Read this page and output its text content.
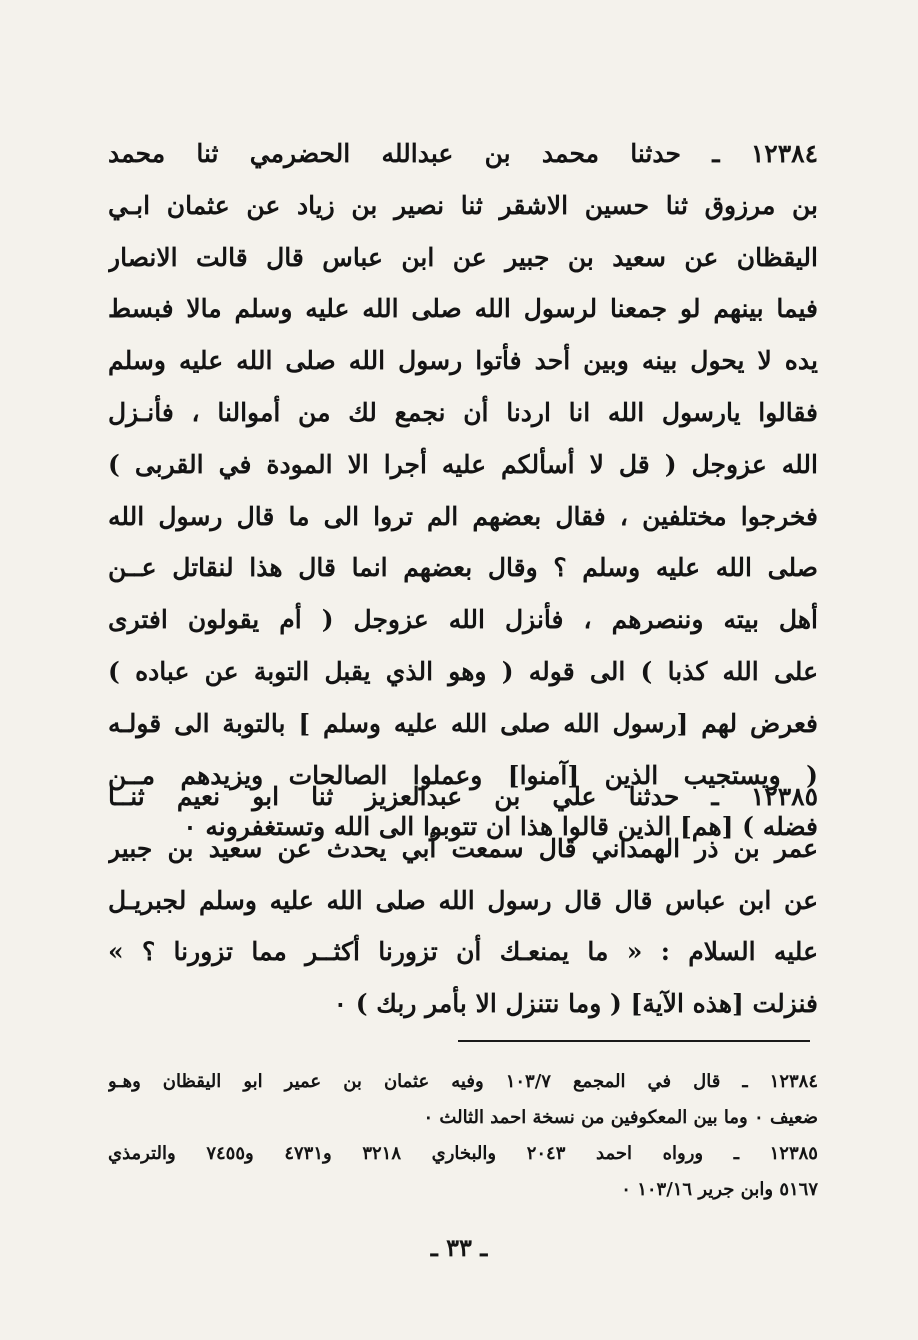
١٢٣٨٤ ـ حدثنا محمد بن عبدالله الحضرمي ثنا محمد
بن مرزوق ثنا حسين الاشقر ثنا نصير بن زياد عن عثمان ابـي
اليقظان عن سعيد بن جبير عن ابن عباس قال قالت الانصار
فيما بينهم لو جمعنا لرسول الله صلى الله عليه وسلم مالا فبسط
يده لا يحول بينه وبين أحد فأتوا رسول الله صلى الله عليه وسلم
فقالوا يارسول الله انا اردنا أن نجمع لك من أموالنا ، فأنـزل
الله عزوجل ( قل لا أسألكم عليه أجرا الا المودة في القربى )
فخرجوا مختلفين ، فقال بعضهم الم تروا الى ما قال رسول الله
صلى الله عليه وسلم ؟ وقال بعضهم انما قال هذا لنقاتل عــن
أهل بيته وننصرهم ، فأنزل الله عزوجل ( أم يقولون افترى
على الله كذبا ) الى قوله ( وهو الذي يقبل التوبة عن عباده )
فعرض لهم [رسول الله صلى الله عليه وسلم ] بالتوبة الى قولـه
( ويستجيب الذين [آمنوا] وعملوا الصالحات ويزيدهم مــن
فضله ) [هم] الذين قالوا هذا ان تتوبوا الى الله وتستغفرونه ٠
١٢٣٨٥ ـ حدثنا علي بن عبدالعزيز ثنا ابو نعيم ثنــا
عمر بن ذر الهمداني قال سمعت أبي يحدث عن سعيد بن جبير
عن ابن عباس قال قال رسول الله صلى الله عليه وسلم لجبريـل
عليه السلام : « ما يمنعـك أن تزورنا أكثــر مما تزورنا ؟ »
فنزلت [هذه الآية] ( وما نتنزل الا بأمر ربك ) ٠
١٢٣٨٤ ـ قال في المجمع ١٠٣/٧ وفيه عثمان بن عمير ابو اليقظان وهـو
ضعيف ٠ وما بين المعكوفين من نسخة احمد الثالث ٠
١٢٣٨٥ ـ ورواه احمد ٢٠٤٣ والبخاري ٣٢١٨ و٤٧٣١ و٧٤٥٥ والترمذي
٥١٦٧ وابن جرير ١٠٣/١٦ ٠
ـ ٣٣ ـ
